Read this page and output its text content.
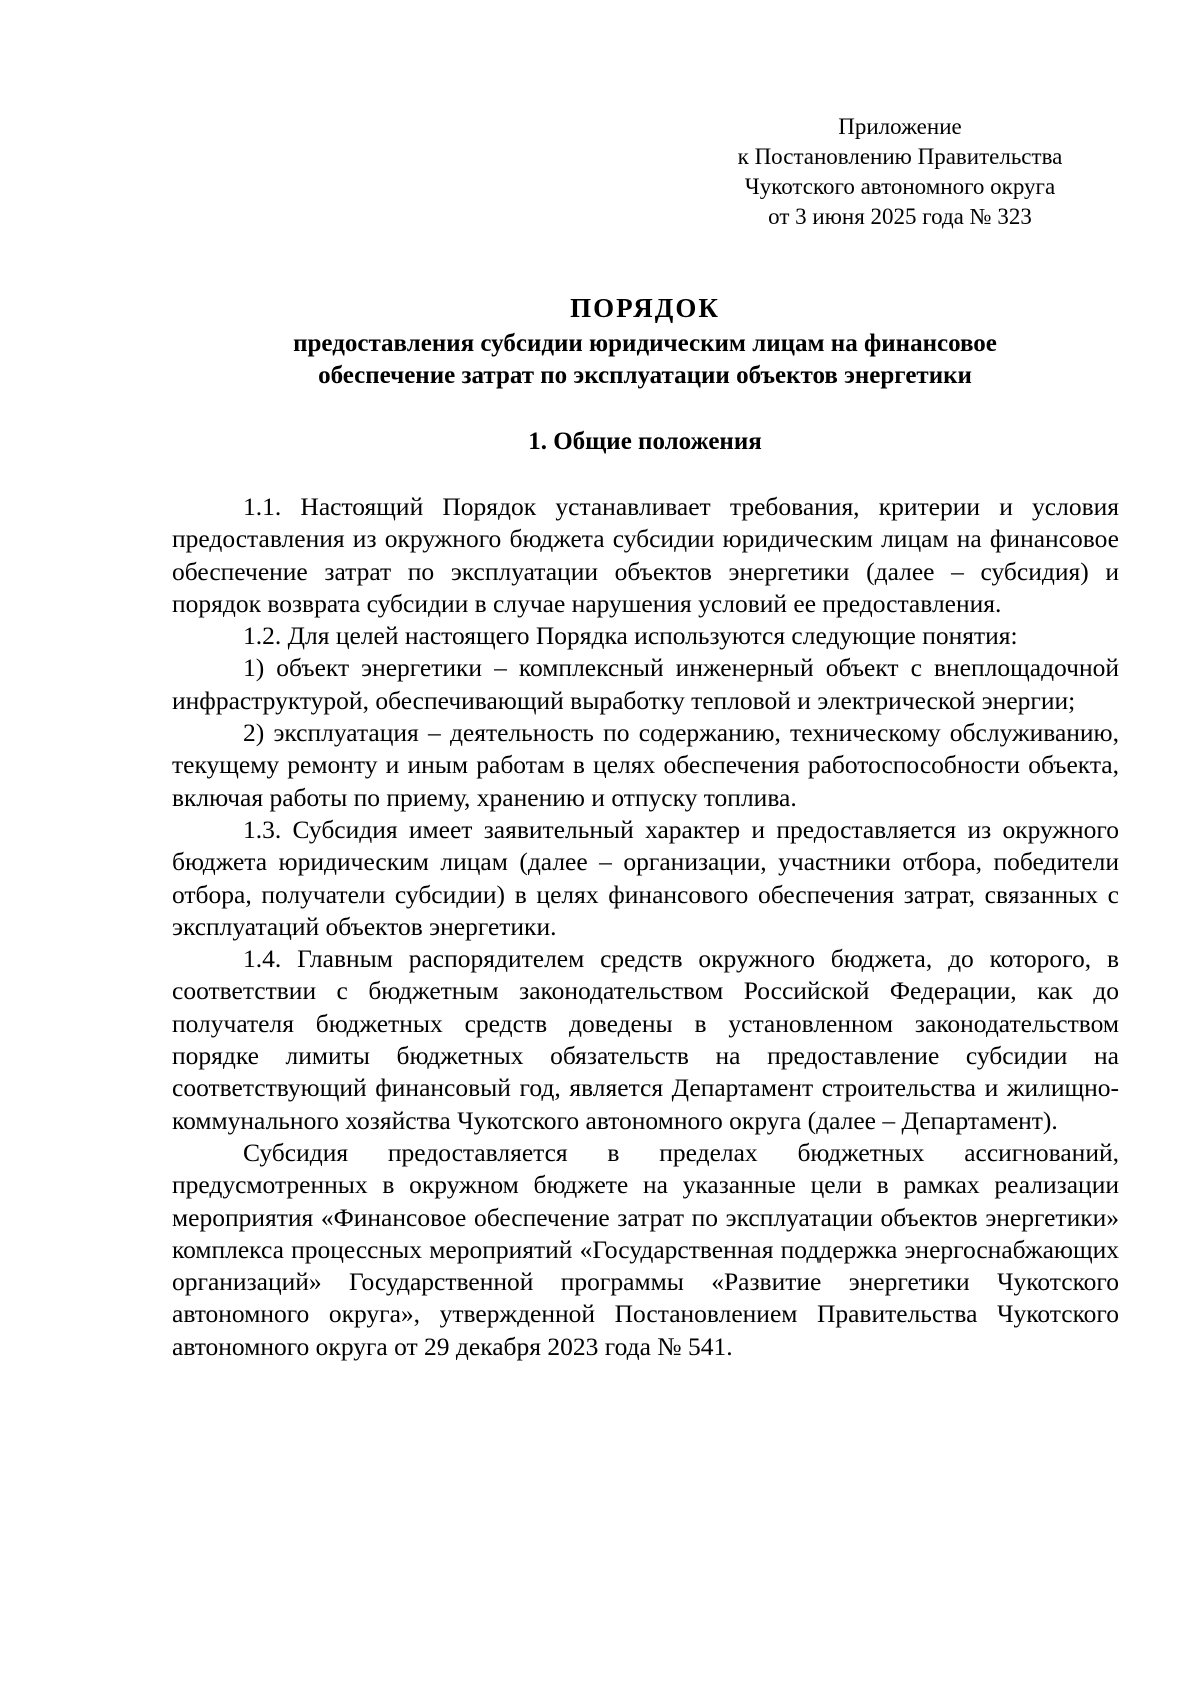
Приложение
к Постановлению Правительства
Чукотского автономного округа
от 3 июня 2025 года № 323
ПОРЯДОК
предоставления субсидии юридическим лицам на финансовое
обеспечение затрат по эксплуатации объектов энергетики
1. Общие положения

1.1. Настоящий Порядок устанавливает требования, критерии и условия предоставления из окружного бюджета субсидии юридическим лицам на финансовое обеспечение затрат по эксплуатации объектов энергетики (далее – субсидия) и порядок возврата субсидии в случае нарушения условий ее предоставления.

1.2. Для целей настоящего Порядка используются следующие понятия:

1) объект энергетики – комплексный инженерный объект с внеплощадочной инфраструктурой, обеспечивающий выработку тепловой и электрической энергии;

2) эксплуатация – деятельность по содержанию, техническому обслуживанию, текущему ремонту и иным работам в целях обеспечения работоспособности объекта, включая работы по приему, хранению и отпуску топлива.

1.3. Субсидия имеет заявительный характер и предоставляется из окружного бюджета юридическим лицам (далее – организации, участники отбора, победители отбора, получатели субсидии) в целях финансового обеспечения затрат, связанных с эксплуатаций объектов энергетики.

1.4. Главным распорядителем средств окружного бюджета, до которого, в соответствии с бюджетным законодательством Российской Федерации, как до получателя бюджетных средств доведены в установленном законодательством порядке лимиты бюджетных обязательств на предоставление субсидии на соответствующий финансовый год, является Департамент строительства и жилищно-коммунального хозяйства Чукотского автономного округа (далее – Департамент).

Субсидия предоставляется в пределах бюджетных ассигнований, предусмотренных в окружном бюджете на указанные цели в рамках реализации мероприятия «Финансовое обеспечение затрат по эксплуатации объектов энергетики» комплекса процессных мероприятий «Государственная поддержка энергоснабжающих организаций» Государственной программы «Развитие энергетики Чукотского автономного округа», утвержденной Постановлением Правительства Чукотского автономного округа от 29 декабря 2023 года № 541.
